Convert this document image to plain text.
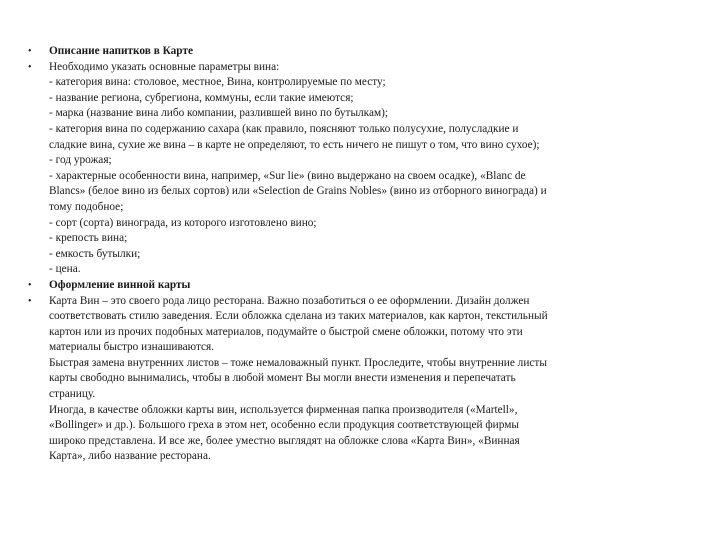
•	Описание напитков в Карте
•	Необходимо указать основные параметры вина:
- категория вина: столовое, местное, Вина, контролируемые по месту;
- название региона, субрегиона, коммуны, если такие имеются;
- марка (название вина либо компании, разлившей вино по бутылкам);
- категория вина по содержанию сахара (как правило, поясняют только полусухие, полусладкие и
сладкие вина, сухие же вина – в карте не определяют, то есть ничего не пишут о том, что вино сухое);
- год урожая;
- характерные особенности вина, например, «Sur lie» (вино выдержано на своем осадке), «Blanc de
Blancs» (белое вино из белых сортов) или «Selection de Grains Nobles» (вино из отборного винограда) и
тому подобное;
- сорт (сорта) винограда, из которого изготовлено вино;
- крепость вина;
- емкость бутылки;
- цена.
•	Оформление винной карты
•	Карта Вин – это своего рода лицо ресторана. Важно позаботиться о ее оформлении. Дизайн должен
соответствовать стилю заведения. Если обложка сделана из таких материалов, как картон, текстильный
картон или из прочих подобных материалов, подумайте о быстрой смене обложки, потому что эти
материалы быстро изнашиваются.
Быстрая замена внутренних листов – тоже немаловажный пункт. Проследите, чтобы внутренние листы
карты свободно вынимались, чтобы в любой момент Вы могли внести изменения и перепечатать
страницу.
Иногда, в качестве обложки карты вин, используется фирменная папка производителя («Martell»,
«Bollinger» и др.). Большого греха в этом нет, особенно если продукция соответствующей фирмы
широко представлена. И все же, более уместно выглядят на обложке слова «Карта Вин», «Винная
Карта», либо название ресторана.
